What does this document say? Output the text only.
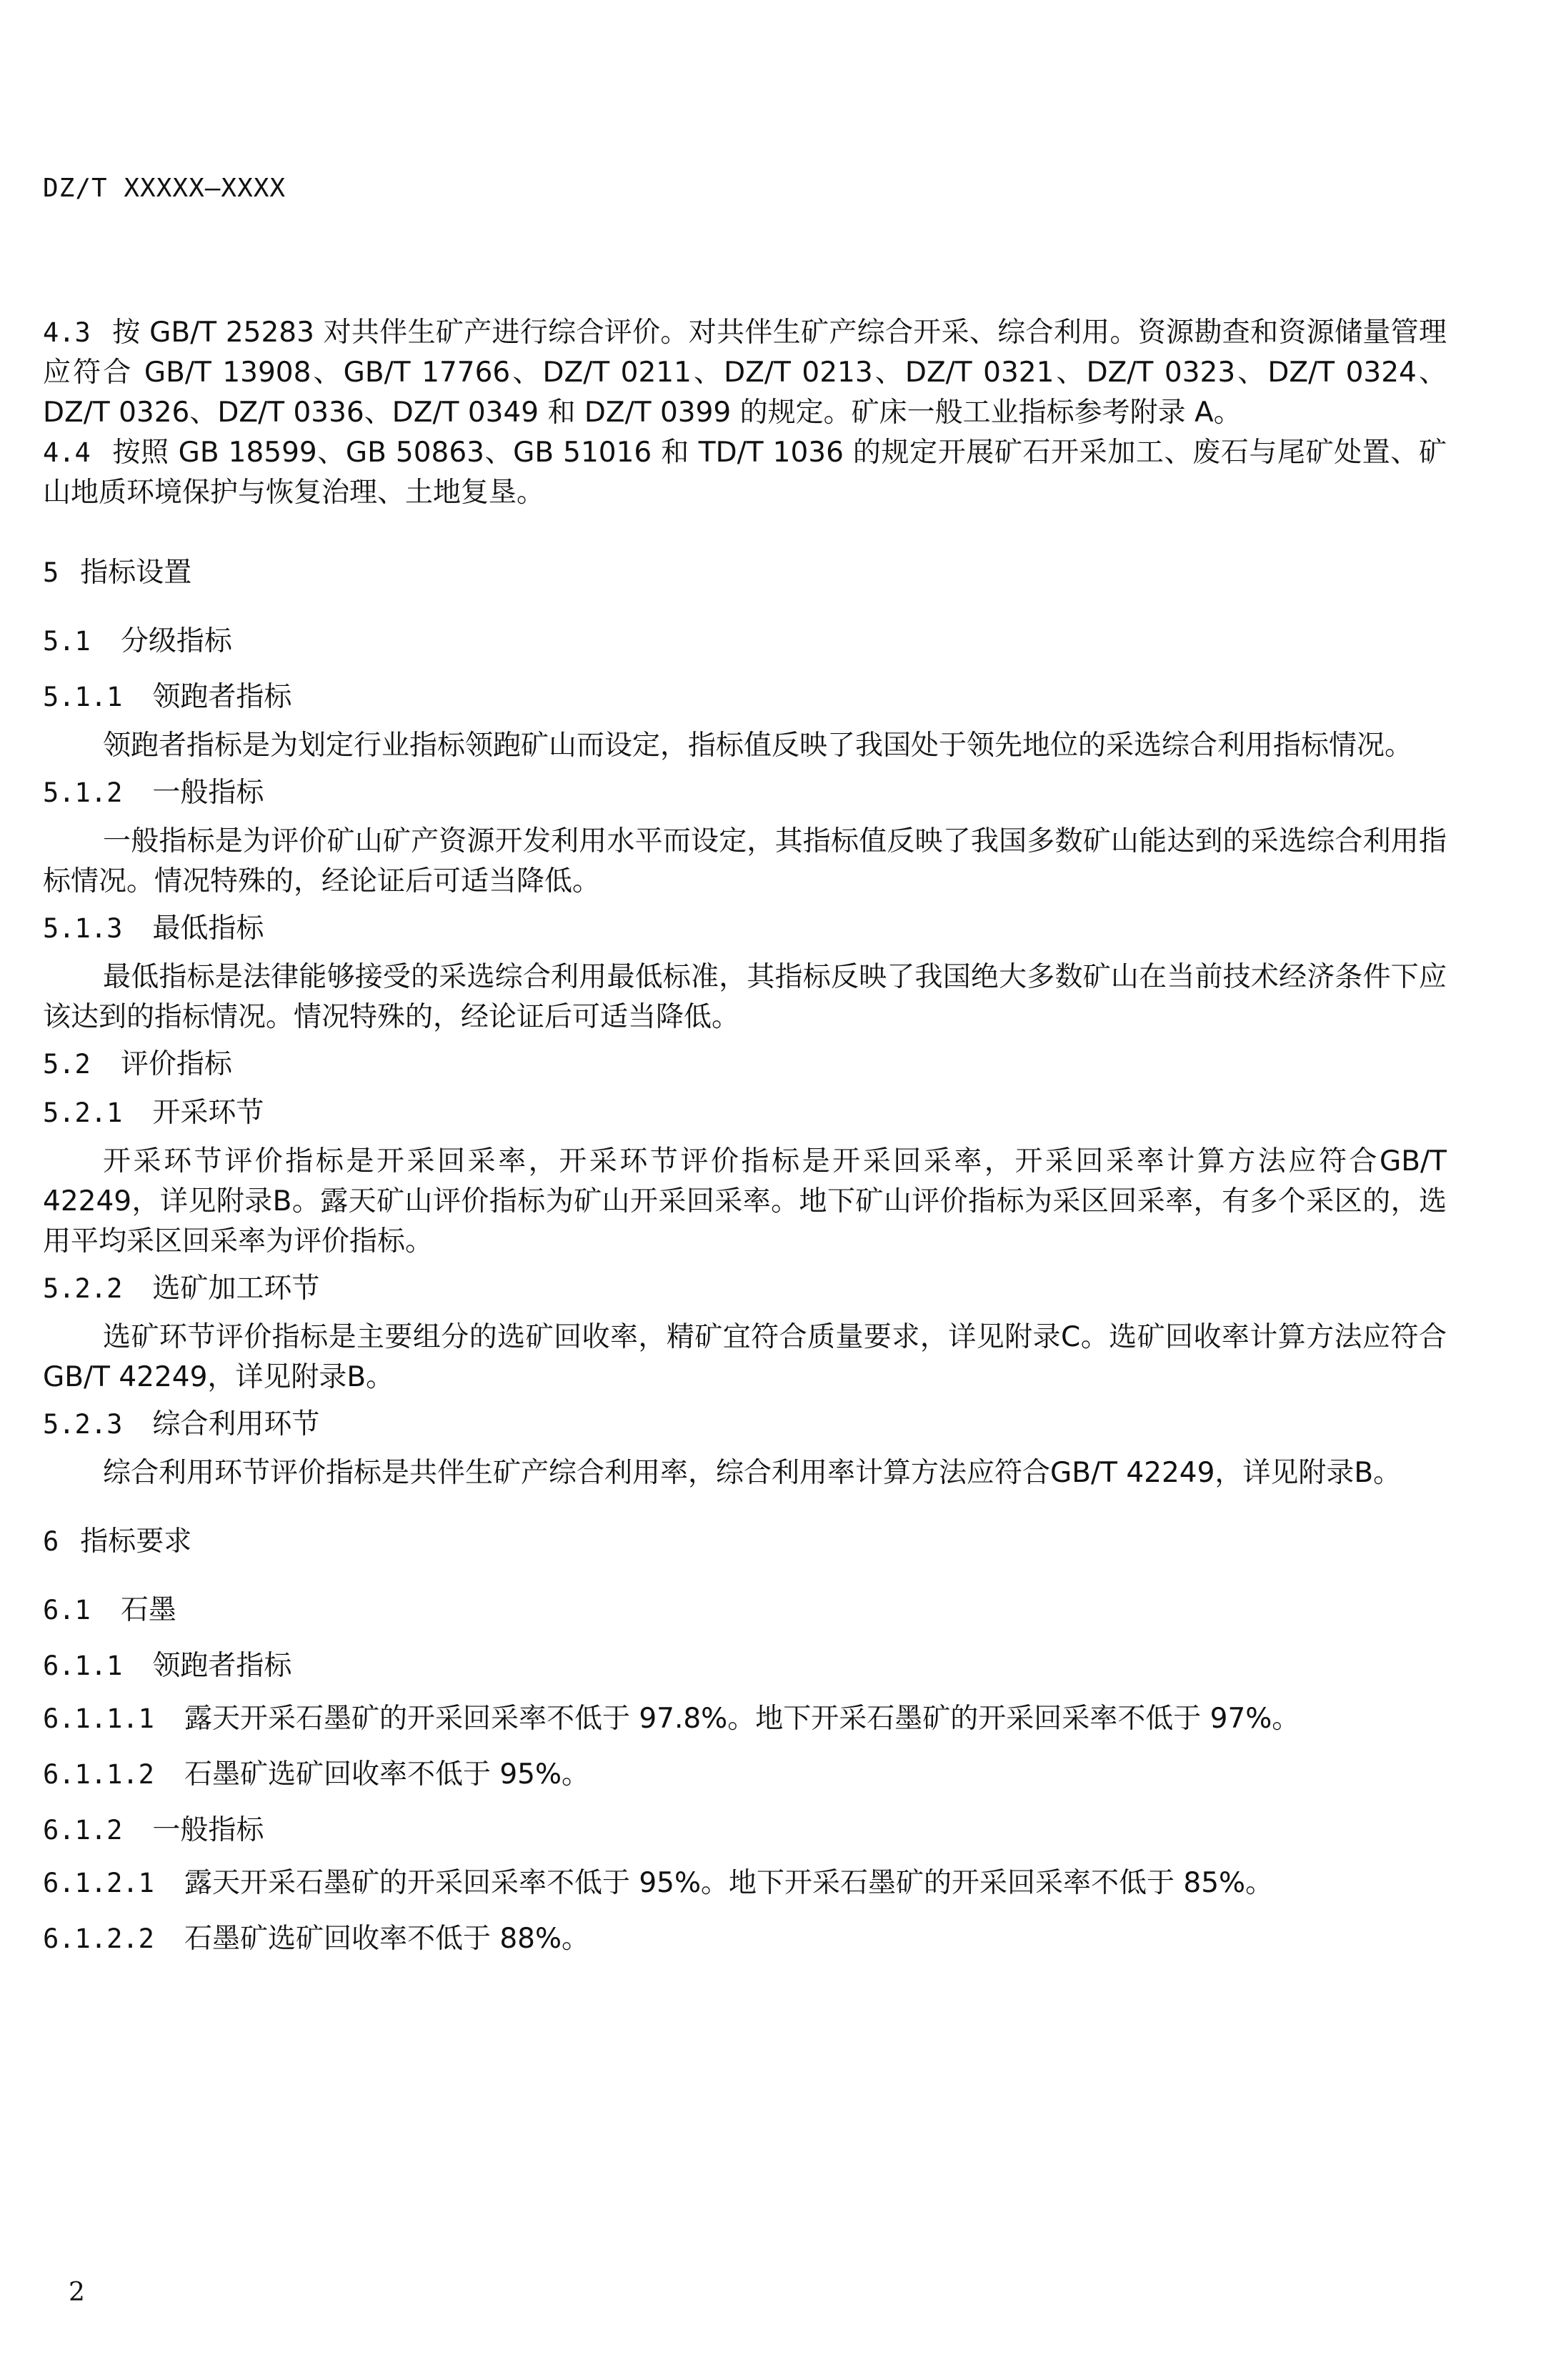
DZ/T XXXXX—XXXX

4.3 按 GB/T 25283 对共伴生矿产进行综合评价。对共伴生矿产综合开采、综合利用。资源勘查和资源储量管理应符合 GB/T 13908、GB/T 17766、DZ/T 0211、DZ/T 0213、DZ/T 0321、DZ/T 0323、DZ/T 0324、DZ/T 0326、DZ/T 0336、DZ/T 0349 和 DZ/T 0399 的规定。矿床一般工业指标参考附录 A。

4.4 按照 GB 18599、GB 50863、GB 51016 和 TD/T 1036 的规定开展矿石开采加工、废石与尾矿处置、矿山地质环境保护与恢复治理、土地复垦。

5 指标设置

5.1 分级指标

5.1.1 领跑者指标

领跑者指标是为划定行业指标领跑矿山而设定，指标值反映了我国处于领先地位的采选综合利用指标情况。

5.1.2 一般指标

一般指标是为评价矿山矿产资源开发利用水平而设定，其指标值反映了我国多数矿山能达到的采选综合利用指标情况。情况特殊的，经论证后可适当降低。

5.1.3 最低指标

最低指标是法律能够接受的采选综合利用最低标准，其指标反映了我国绝大多数矿山在当前技术经济条件下应该达到的指标情况。情况特殊的，经论证后可适当降低。

5.2 评价指标

5.2.1 开采环节

开采环节评价指标是开采回采率，开采环节评价指标是开采回采率，开采回采率计算方法应符合GB/T 42249，详见附录B。露天矿山评价指标为矿山开采回采率。地下矿山评价指标为采区回采率，有多个采区的，选用平均采区回采率为评价指标。

5.2.2 选矿加工环节

选矿环节评价指标是主要组分的选矿回收率，精矿宜符合质量要求，详见附录C。选矿回收率计算方法应符合GB/T 42249，详见附录B。

5.2.3 综合利用环节

综合利用环节评价指标是共伴生矿产综合利用率，综合利用率计算方法应符合GB/T 42249，详见附录B。

6 指标要求

6.1 石墨

6.1.1 领跑者指标

6.1.1.1 露天开采石墨矿的开采回采率不低于 97.8%。地下开采石墨矿的开采回采率不低于 97%。

6.1.1.2 石墨矿选矿回收率不低于 95%。

6.1.2 一般指标

6.1.2.1 露天开采石墨矿的开采回采率不低于 95%。地下开采石墨矿的开采回采率不低于 85%。

6.1.2.2 石墨矿选矿回收率不低于 88%。

2
